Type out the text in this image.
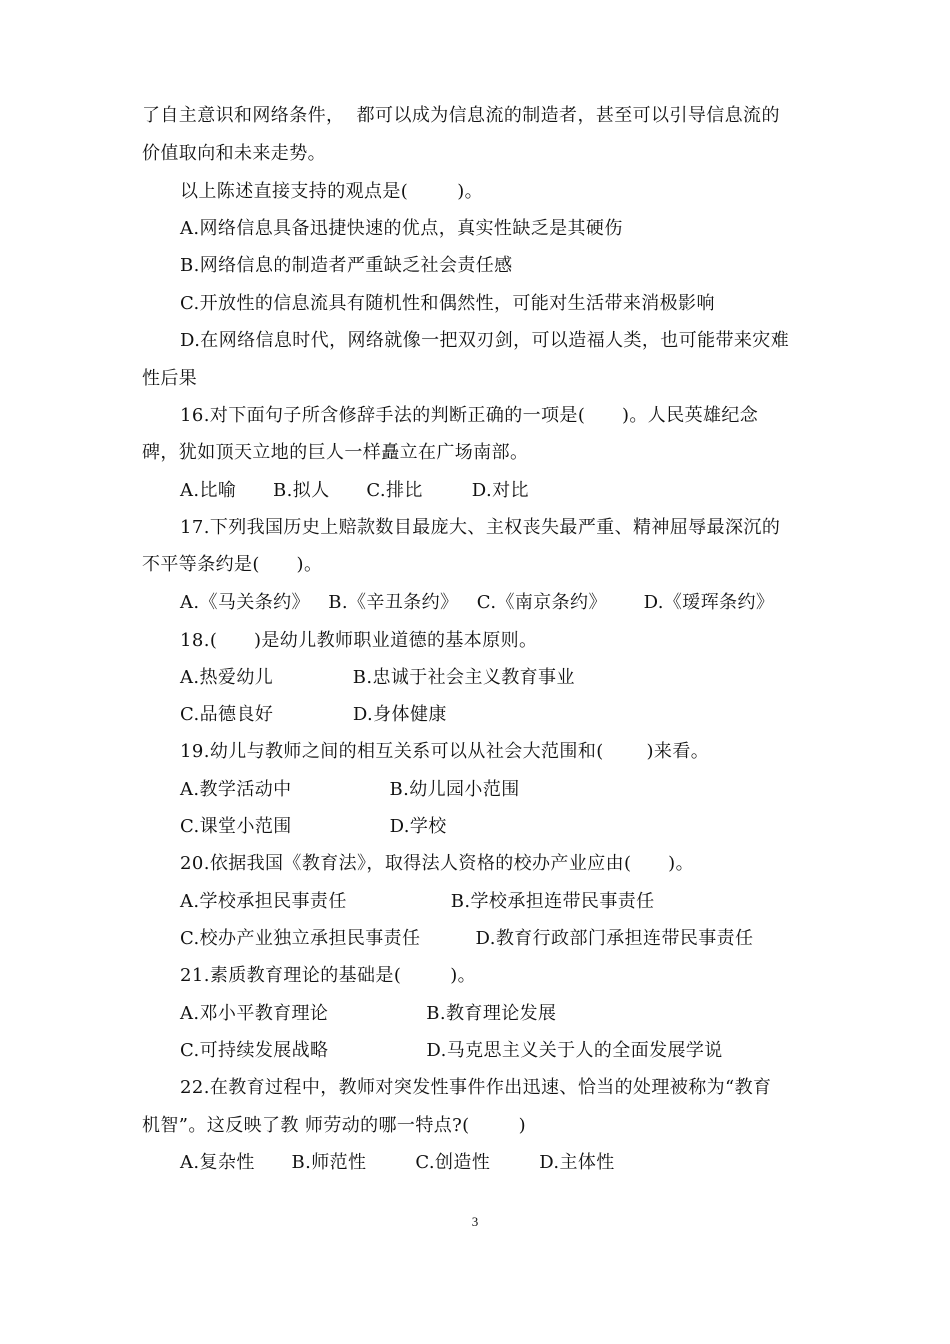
了自主意识和网络条件，  都可以成为信息流的制造者，甚至可以引导信息流的

价值取向和未来走势。

以上陈述直接支持的观点是(        )。

A.网络信息具备迅捷快速的优点，真实性缺乏是其硬伤

B.网络信息的制造者严重缺乏社会责任感

C.开放性的信息流具有随机性和偶然性，可能对生活带来消极影响

D.在网络信息时代，网络就像一把双刃剑，可以造福人类，也可能带来灾难

性后果

16.对下面句子所含修辞手法的判断正确的一项是(      )。人民英雄纪念

碑，犹如顶天立地的巨人一样矗立在广场南部。

A.比喻      B.拟人      C.排比        D.对比

17.下列我国历史上赔款数目最庞大、主权丧失最严重、精神屈辱最深沉的

不平等条约是(      )。

A.《马关条约》   B.《辛丑条约》   C.《南京条约》      D.《瑷珲条约》

18.(      )是幼儿教师职业道德的基本原则。

A.热爱幼儿             B.忠诚于社会主义教育事业

C.品德良好             D.身体健康

19.幼儿与教师之间的相互关系可以从社会大范围和(       )来看。

A.教学活动中                B.幼儿园小范围

C.课堂小范围                D.学校

20.依据我国《教育法》，取得法人资格的校办产业应由(      )。

A.学校承担民事责任                 B.学校承担连带民事责任

C.校办产业独立承担民事责任         D.教育行政部门承担连带民事责任

21.素质教育理论的基础是(        )。

A.邓小平教育理论                B.教育理论发展

C.可持续发展战略                D.马克思主义关于人的全面发展学说

22.在教育过程中，教师对突发性事件作出迅速、恰当的处理被称为“教育

机智”。这反映了教 师劳动的哪一特点?(        )

A.复杂性      B.师范性        C.创造性        D.主体性

3
